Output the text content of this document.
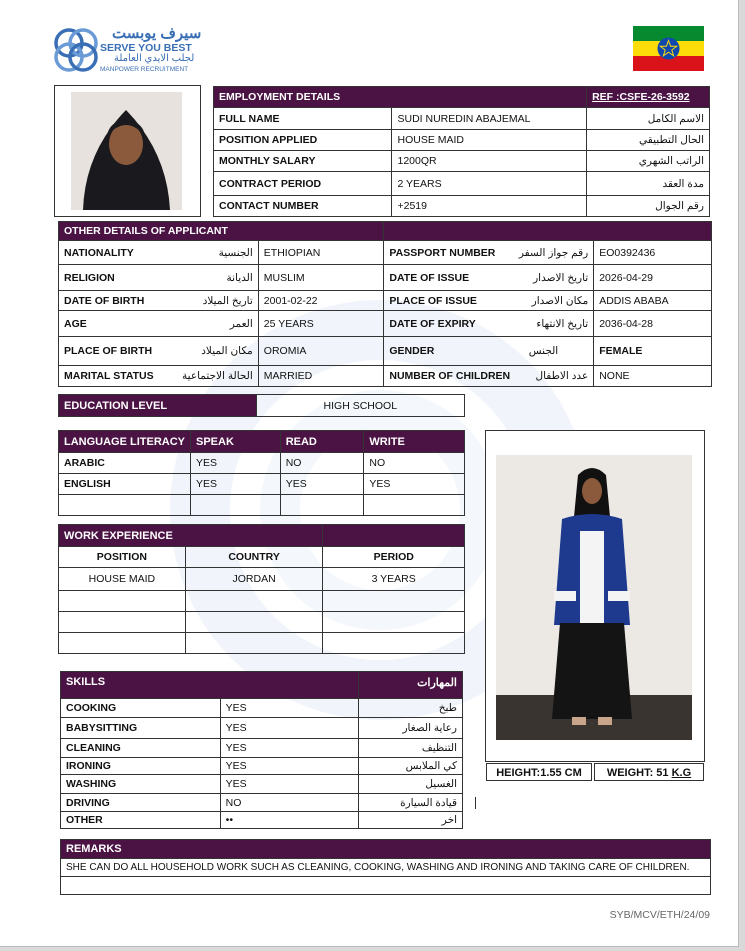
سيرف يوبست
SERVE YOU BEST
لجلب الايدي العاملة
MANPOWER RECRUITMENT
EMPLOYMENT DETAILS		REF :CSFE-26-3592
FULL NAME	SUDI NUREDIN ABAJEMAL	الاسم الكامل
POSITION APPLIED	HOUSE MAID	الحال التطبيقي
MONTHLY SALARY	1200QR	الراتب الشهري
CONTRACT PERIOD	2 YEARS	مدة العقد
CONTACT NUMBER	+2519	رقم الجوال
OTHER DETAILS OF APPLICANT			

NATIONALITY الجنسية	ETHIOPIAN	PASSPORT NUMBER رقم جواز السفر	EO0392436

RELIGION الديانة	MUSLIM	DATE OF ISSUE تاريخ الاصدار	2026-04-29

DATE OF BIRTH تاريخ الميلاد	2001-02-22	PLACE OF ISSUE مكان الاصدار	ADDIS ABABA

AGE العمر	25 YEARS	DATE OF EXPIRY تاريخ الانتهاء	2036-04-28

PLACE OF BIRTH مكان الميلاد	OROMIA	GENDER الجنس	FEMALE

MARITAL STATUS الحالة الاجتماعية	MARRIED	NUMBER OF CHILDREN عدد الاطفال	NONE
EDUCATION LEVEL	HIGH SCHOOL
LANGUAGE LITERACY	SPEAK	READ	WRITE
ARABIC	YES	NO	NO
ENGLISH	YES	YES	YES

WORK EXPERIENCE		
POSITION	COUNTRY	PERIOD
HOUSE MAID	JORDAN	3 YEARS

HEIGHT:1.55 CM	WEIGHT: 51 K.G
SKILLS		المهارات
COOKING	YES	طبخ
BABYSITTING	YES	رعاية الصغار
CLEANING	YES	التنظيف
IRONING	YES	كي الملابس
WASHING	YES	الغسيل
DRIVING	NO	قيادة السيارة
OTHER	••	اخر
REMARKS
SHE CAN DO ALL HOUSEHOLD WORK SUCH AS CLEANING, COOKING, WASHING AND IRONING AND TAKING CARE OF CHILDREN.

SYB/MCV/ETH/24/09
